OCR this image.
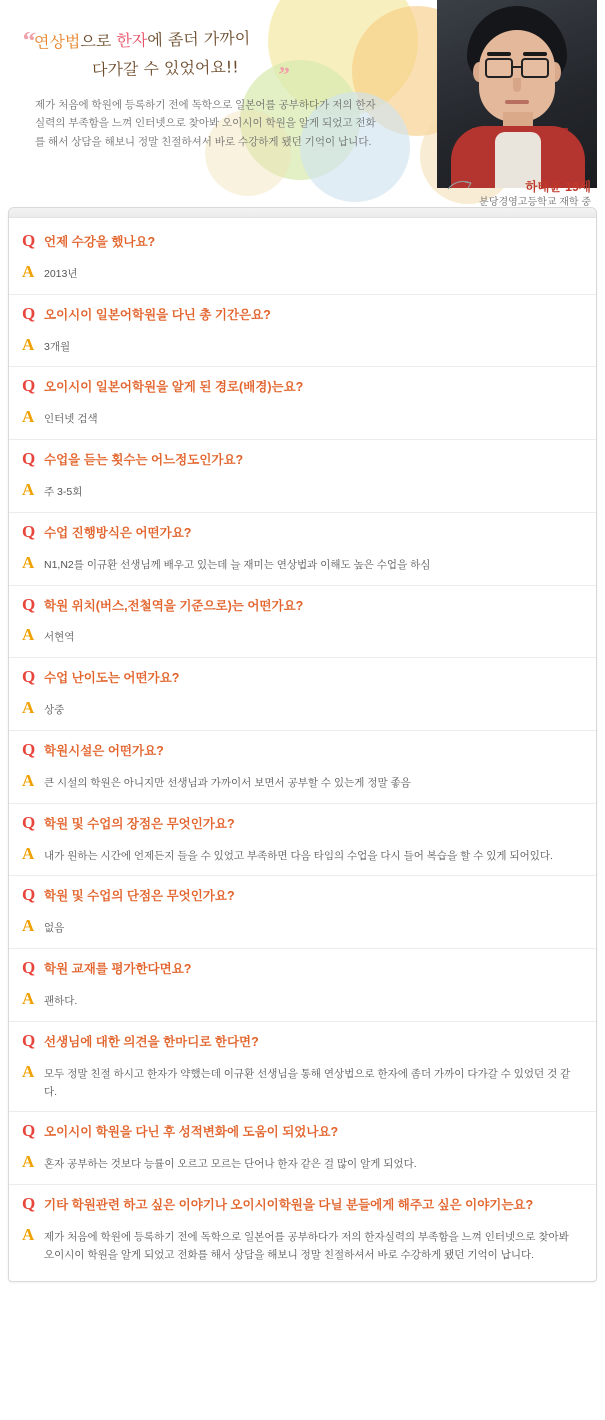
“
”
연상법으로 한자에 좀더 가까이
다가갈 수 있었어요!!
제가 처음에 학원에 등록하기 전에 독학으로 일본어를 공부하다가 저의 한자실력의 부족함을 느껴 인터넷으로 찾아봐 오이시이 학원을 알게 되었고 전화를 해서 상담을 해보니 정말 친절하셔서 바로 수강하게 됐던 기억이 납니다.
하태윤 19세
분당경영고등학교 재학 중
Q 언제 수강을 했나요?
A 2013년
Q 오이시이 일본어학원을 다닌 총 기간은요?
A 3개월
Q 오이시이 일본어학원을 알게 된 경로(배경)는요?
A 인터넷 검색
Q 수업을 듣는 횟수는 어느정도인가요?
A 주 3-5회
Q 수업 진행방식은 어떤가요?
A N1,N2를 이규환 선생님께 배우고 있는데 늘 재미는 연상법과 이해도 높은 수업을 하심
Q 학원 위치(버스,전철역을 기준으로)는 어떤가요?
A 서현역
Q 수업 난이도는 어떤가요?
A 상중
Q 학원시설은 어떤가요?
A 큰 시설의 학원은 아니지만 선생님과 가까이서 보면서 공부할 수 있는게 정말 좋음
Q 학원 및 수업의 장점은 무엇인가요?
A 내가 원하는 시간에 언제든지 들을 수 있었고 부족하면 다음 타임의 수업을 다시 들어 복습을 할 수 있게 되어있다.
Q 학원 및 수업의 단점은 무엇인가요?
A 없음
Q 학원 교재를 평가한다면요?
A 괜하다.
Q 선생님에 대한 의견을 한마디로 한다면?
A 모두 정말 친절 하시고 한자가 약했는데 이규환 선생님을 통해 연상법으로 한자에 좀더 가까이 다가갈 수 있었던 것 같다.
Q 오이시이 학원을 다닌 후 성적변화에 도움이 되었나요?
A 혼자 공부하는 것보다 능률이 오르고 모르는 단어나 한자 같은 걸 많이 알게 되었다.
Q 기타 학원관련 하고 싶은 이야기나 오이시이학원을 다닐 분들에게 해주고 싶은 이야기는요?
A 제가 처음에 학원에 등록하기 전에 독학으로 일본어를 공부하다가 저의 한자실력의 부족함을 느껴 인터넷으로 찾아봐 오이시이 학원을 알게 되었고 전화를 해서 상담을 해보니 정말 친절하셔서 바로 수강하게 됐던 기억이 납니다.
